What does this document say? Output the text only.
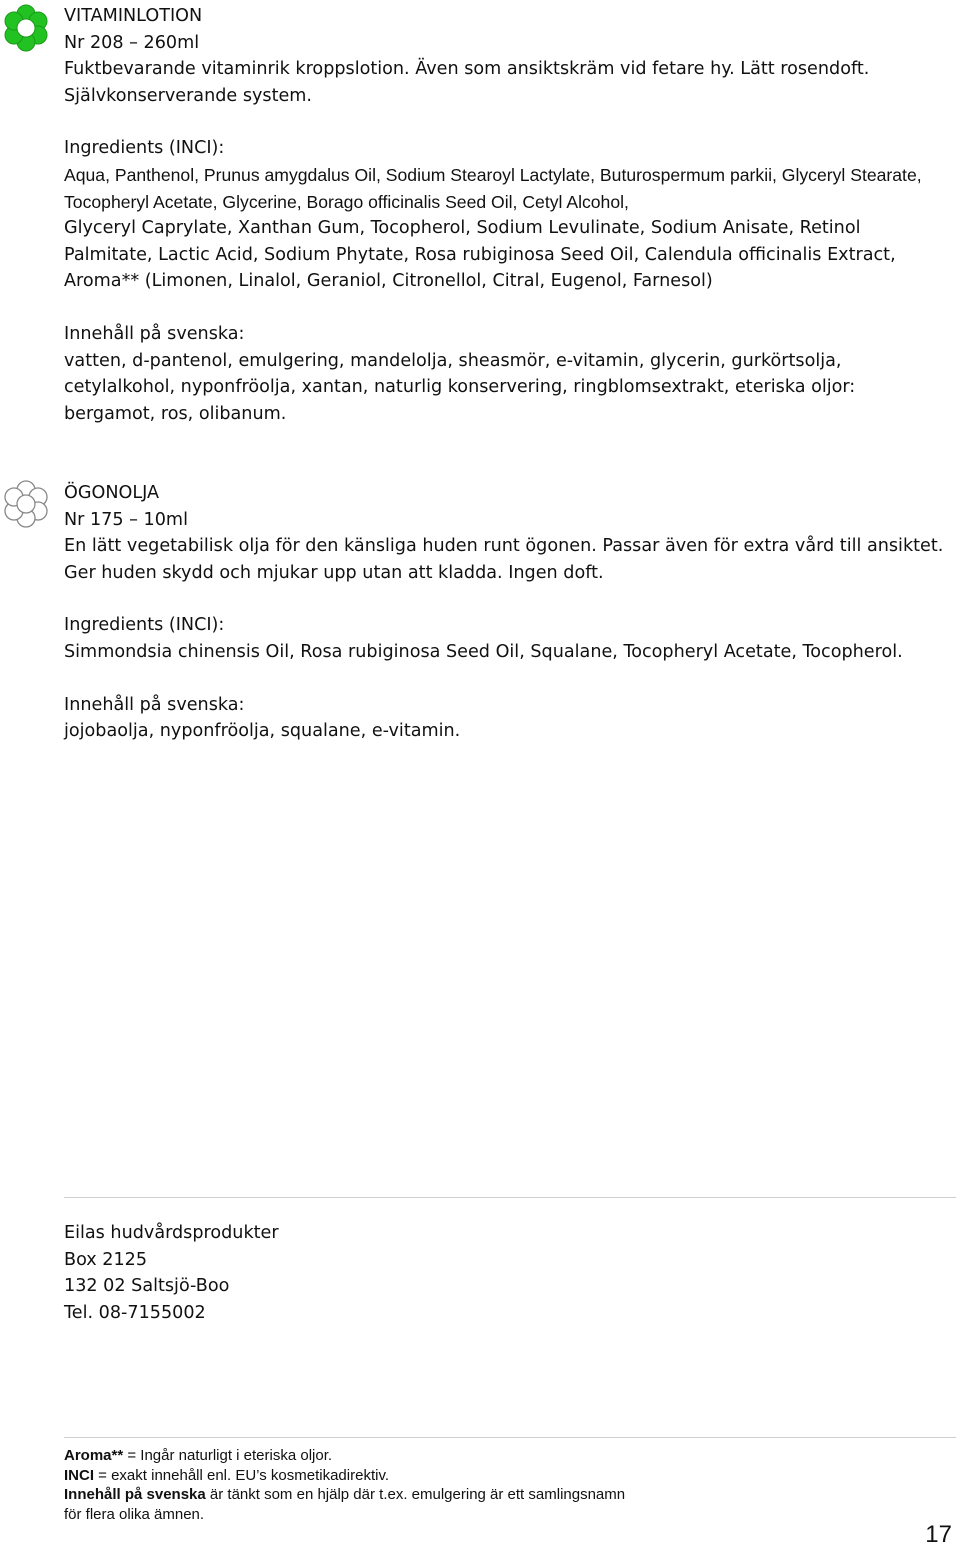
VITAMINLOTION

Nr 208 – 260ml

Fuktbevarande vitaminrik kroppslotion. Även som ansiktskräm vid fetare hy. Lätt rosendoft. Självkonserverande system.

Ingredients (INCI):

Aqua, Panthenol, Prunus amygdalus Oil, Sodium Stearoyl Lactylate, Buturospermum parkii, Glyceryl Stearate, Tocopheryl Acetate, Glycerine, Borago officinalis Seed Oil, Cetyl Alcohol,

Glyceryl Caprylate, Xanthan Gum, Tocopherol, Sodium Levulinate, Sodium Anisate, Retinol Palmitate, Lactic Acid, Sodium Phytate, Rosa rubiginosa Seed Oil, Calendula officinalis Extract, Aroma** (Limonen, Linalol, Geraniol, Citronellol, Citral, Eugenol, Farnesol)

Innehåll på svenska:

vatten, d-pantenol, emulgering, mandelolja, sheasmör, e-vitamin, glycerin, gurkörtsolja, cetylalkohol, nyponfröolja, xantan, naturlig konservering, ringblomsextrakt, eteriska oljor: bergamot, ros, olibanum.

ÖGONOLJA

Nr 175 – 10ml

En lätt vegetabilisk olja för den känsliga huden runt ögonen. Passar även för extra vård till ansiktet. Ger huden skydd och mjukar upp utan att kladda. Ingen doft.

Ingredients (INCI):

Simmondsia chinensis Oil, Rosa rubiginosa Seed Oil, Squalane, Tocopheryl Acetate, Tocopherol.

Innehåll på svenska:

jojobaolja, nyponfröolja, squalane, e-vitamin.

Eilas hudvårdsprodukter

Box 2125

132 02 Saltsjö-Boo

Tel. 08-7155002

Aroma** = Ingår naturligt i eteriska oljor.

INCI = exakt innehåll enl. EU’s kosmetikadirektiv.

Innehåll på svenska är tänkt som en hjälp där t.ex. emulgering är ett samlingsnamn för flera olika ämnen.

17
